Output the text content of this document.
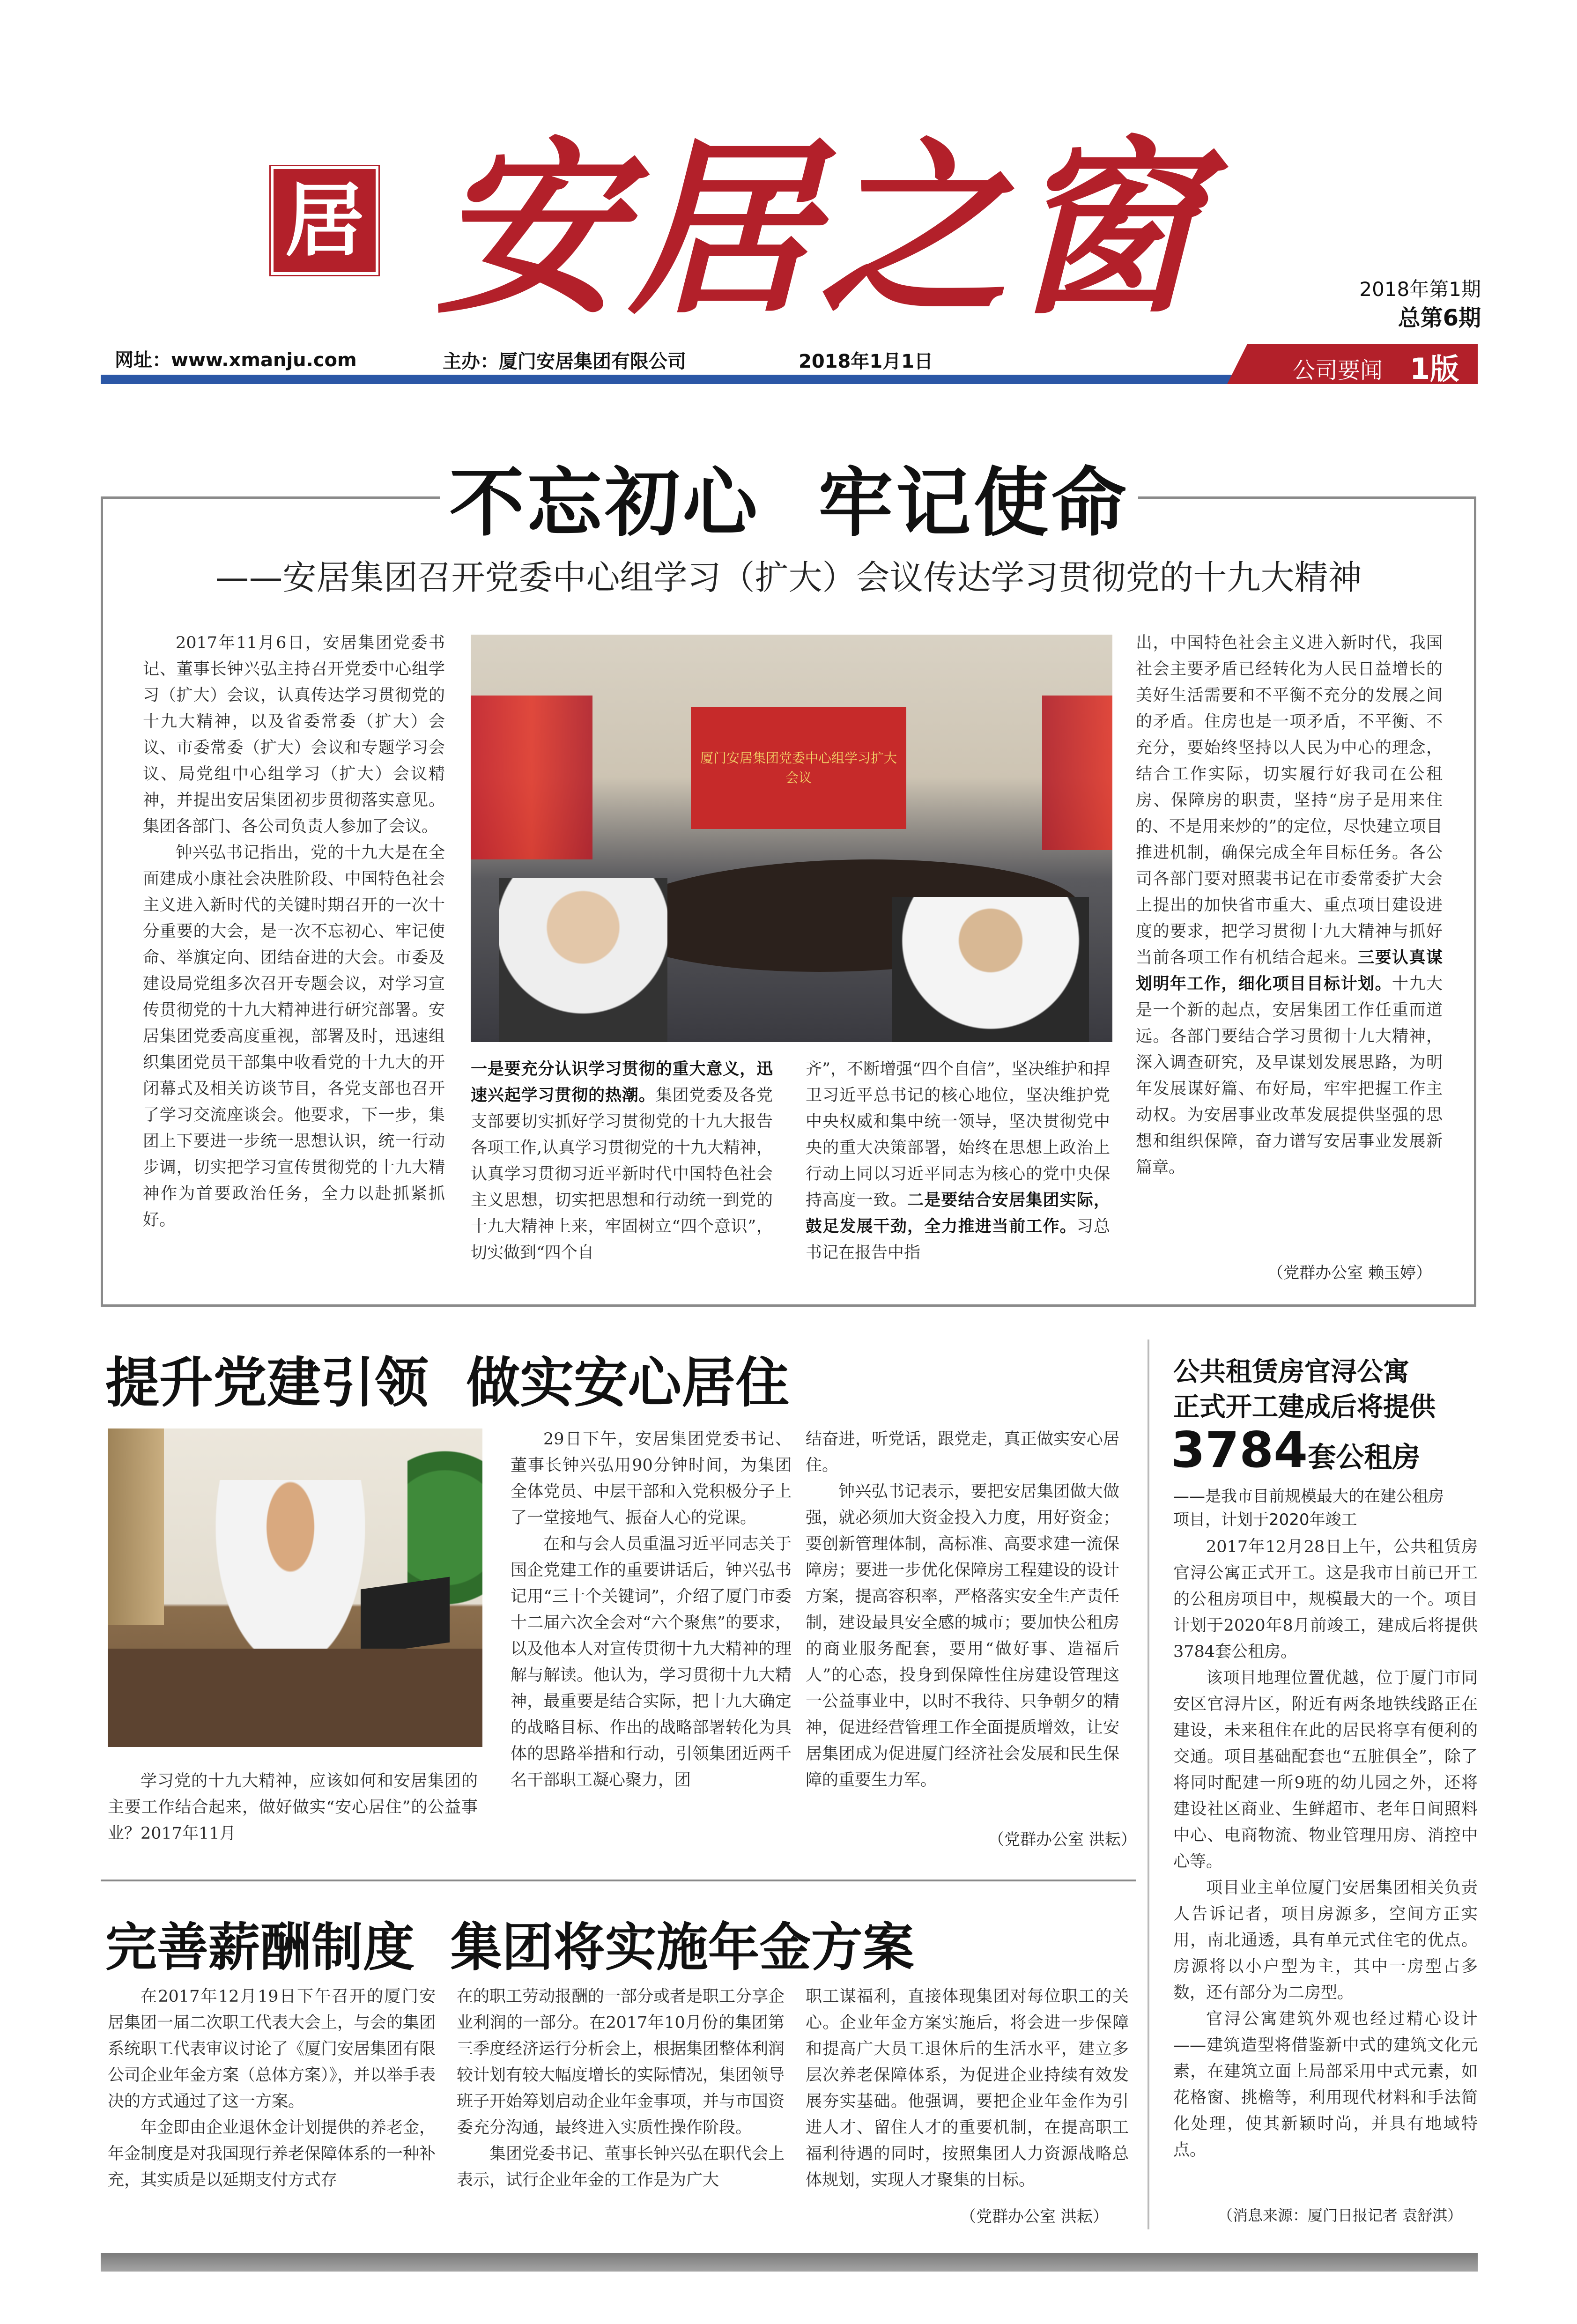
居 安居之窗	2018年第1期
总第6期
网址：www.xmanju.com	主办：厦门安居集团有限公司	2018年1月1日	公司要闻 1版
不忘初心  牢记使命
——安居集团召开党委中心组学习（扩大）会议传达学习贯彻党的十九大精神

2017年11月6日，安居集团党委书记、董事长钟兴弘主持召开党委中心组学习（扩大）会议，认真传达学习贯彻党的十九大精神，以及省委常委（扩大）会议、市委常委（扩大）会议和专题学习会议、局党组中心组学习（扩大）会议精神，并提出安居集团初步贯彻落实意见。集团各部门、各公司负责人参加了会议。

钟兴弘书记指出，党的十九大是在全面建成小康社会决胜阶段、中国特色社会主义进入新时代的关键时期召开的一次十分重要的大会，是一次不忘初心、牢记使命、举旗定向、团结奋进的大会。市委及建设局党组多次召开专题会议，对学习宣传贯彻党的十九大精神进行研究部署。安居集团党委高度重视，部署及时，迅速组织集团党员干部集中收看党的十九大的开闭幕式及相关访谈节目，各党支部也召开了学习交流座谈会。他要求，下一步，集团上下要进一步统一思想认识，统一行动步调，切实把学习宣传贯彻党的十九大精神作为首要政治任务，全力以赴抓紧抓好。

厦门安居集团党委中心组学习扩大会议

一是要充分认识学习贯彻的重大意义，迅速兴起学习贯彻的热潮。集团党委及各党支部要切实抓好学习贯彻党的十九大报告各项工作,认真学习贯彻党的十九大精神，认真学习贯彻习近平新时代中国特色社会主义思想，切实把思想和行动统一到党的十九大精神上来，牢固树立“四个意识”，切实做到“四个自

齐”，不断增强“四个自信”，坚决维护和捍卫习近平总书记的核心地位，坚决维护党中央权威和集中统一领导，坚决贯彻党中央的重大决策部署，始终在思想上政治上行动上同以习近平同志为核心的党中央保持高度一致。二是要结合安居集团实际，鼓足发展干劲，全力推进当前工作。习总书记在报告中指

出，中国特色社会主义进入新时代，我国社会主要矛盾已经转化为人民日益增长的美好生活需要和不平衡不充分的发展之间的矛盾。住房也是一项矛盾，不平衡、不充分，要始终坚持以人民为中心的理念，结合工作实际，切实履行好我司在公租房、保障房的职责，坚持“房子是用来住的、不是用来炒的”的定位，尽快建立项目推进机制，确保完成全年目标任务。各公司各部门要对照裴书记在市委常委扩大会上提出的加快省市重大、重点项目建设进度的要求，把学习贯彻十九大精神与抓好当前各项工作有机结合起来。三要认真谋划明年工作，细化项目目标计划。十九大是一个新的起点，安居集团工作任重而道远。各部门要结合学习贯彻十九大精神，深入调查研究，及早谋划发展思路，为明年发展谋好篇、布好局，牢牢把握工作主动权。为安居事业改革发展提供坚强的思想和组织保障，奋力谱写安居事业发展新篇章。

（党群办公室 赖玉婷）
提升党建引领  做实安心居住

学习党的十九大精神，应该如何和安居集团的主要工作结合起来，做好做实“安心居住”的公益事业？2017年11月

29日下午，安居集团党委书记、董事长钟兴弘用90分钟时间，为集团全体党员、中层干部和入党积极分子上了一堂接地气、振奋人心的党课。

在和与会人员重温习近平同志关于国企党建工作的重要讲话后，钟兴弘书记用“三十个关键词”，介绍了厦门市委十二届六次全会对“六个聚焦”的要求，以及他本人对宣传贯彻十九大精神的理解与解读。他认为，学习贯彻十九大精神，最重要是结合实际，把十九大确定的战略目标、作出的战略部署转化为具体的思路举措和行动，引领集团近两千名干部职工凝心聚力，团

结奋进，听党话，跟党走，真正做实安心居住。

钟兴弘书记表示，要把安居集团做大做强，就必须加大资金投入力度，用好资金；要创新管理体制，高标准、高要求建一流保障房；要进一步优化保障房工程建设的设计方案，提高容积率，严格落实安全生产责任制，建设最具安全感的城市；要加快公租房的商业服务配套，要用“做好事、造福后人”的心态，投身到保障性住房建设管理这一公益事业中，以时不我待、只争朝夕的精神，促进经营管理工作全面提质增效，让安居集团成为促进厦门经济社会发展和民生保障的重要生力军。

（党群办公室 洪耘）
完善薪酬制度  集团将实施年金方案

在2017年12月19日下午召开的厦门安居集团一届二次职工代表大会上，与会的集团系统职工代表审议讨论了《厦门安居集团有限公司企业年金方案（总体方案）》，并以举手表决的方式通过了这一方案。

年金即由企业退休金计划提供的养老金，年金制度是对我国现行养老保障体系的一种补充，其实质是以延期支付方式存

在的职工劳动报酬的一部分或者是职工分享企业利润的一部分。在2017年10月份的集团第三季度经济运行分析会上，根据集团整体利润较计划有较大幅度增长的实际情况，集团领导班子开始筹划启动企业年金事项，并与市国资委充分沟通，最终进入实质性操作阶段。

集团党委书记、董事长钟兴弘在职代会上表示，试行企业年金的工作是为广大

职工谋福利，直接体现集团对每位职工的关心。企业年金方案实施后，将会进一步保障和提高广大员工退休后的生活水平，建立多层次养老保障体系，为促进企业持续有效发展夯实基础。他强调，要把企业年金作为引进人才、留住人才的重要机制，在提高职工福利待遇的同时，按照集团人力资源战略总体规划，实现人才聚集的目标。

（党群办公室 洪耘）
公共租赁房官浔公寓
正式开工建成后将提供
3784套公租房
——是我市目前规模最大的在建公租房项目，计划于2020年竣工

2017年12月28日上午，公共租赁房官浔公寓正式开工。这是我市目前已开工的公租房项目中，规模最大的一个。项目计划于2020年8月前竣工，建成后将提供3784套公租房。

该项目地理位置优越，位于厦门市同安区官浔片区，附近有两条地铁线路正在建设，未来租住在此的居民将享有便利的交通。项目基础配套也“五脏俱全”，除了将同时配建一所9班的幼儿园之外，还将建设社区商业、生鲜超市、老年日间照料中心、电商物流、物业管理用房、消控中心等。

项目业主单位厦门安居集团相关负责人告诉记者，项目房源多，空间方正实用，南北通透，具有单元式住宅的优点。房源将以小户型为主，其中一房型占多数，还有部分为二房型。

官浔公寓建筑外观也经过精心设计——建筑造型将借鉴新中式的建筑文化元素，在建筑立面上局部采用中式元素，如花格窗、挑檐等，利用现代材料和手法简化处理，使其新颖时尚，并具有地域特点。

（消息来源：厦门日报记者 袁舒淇）
